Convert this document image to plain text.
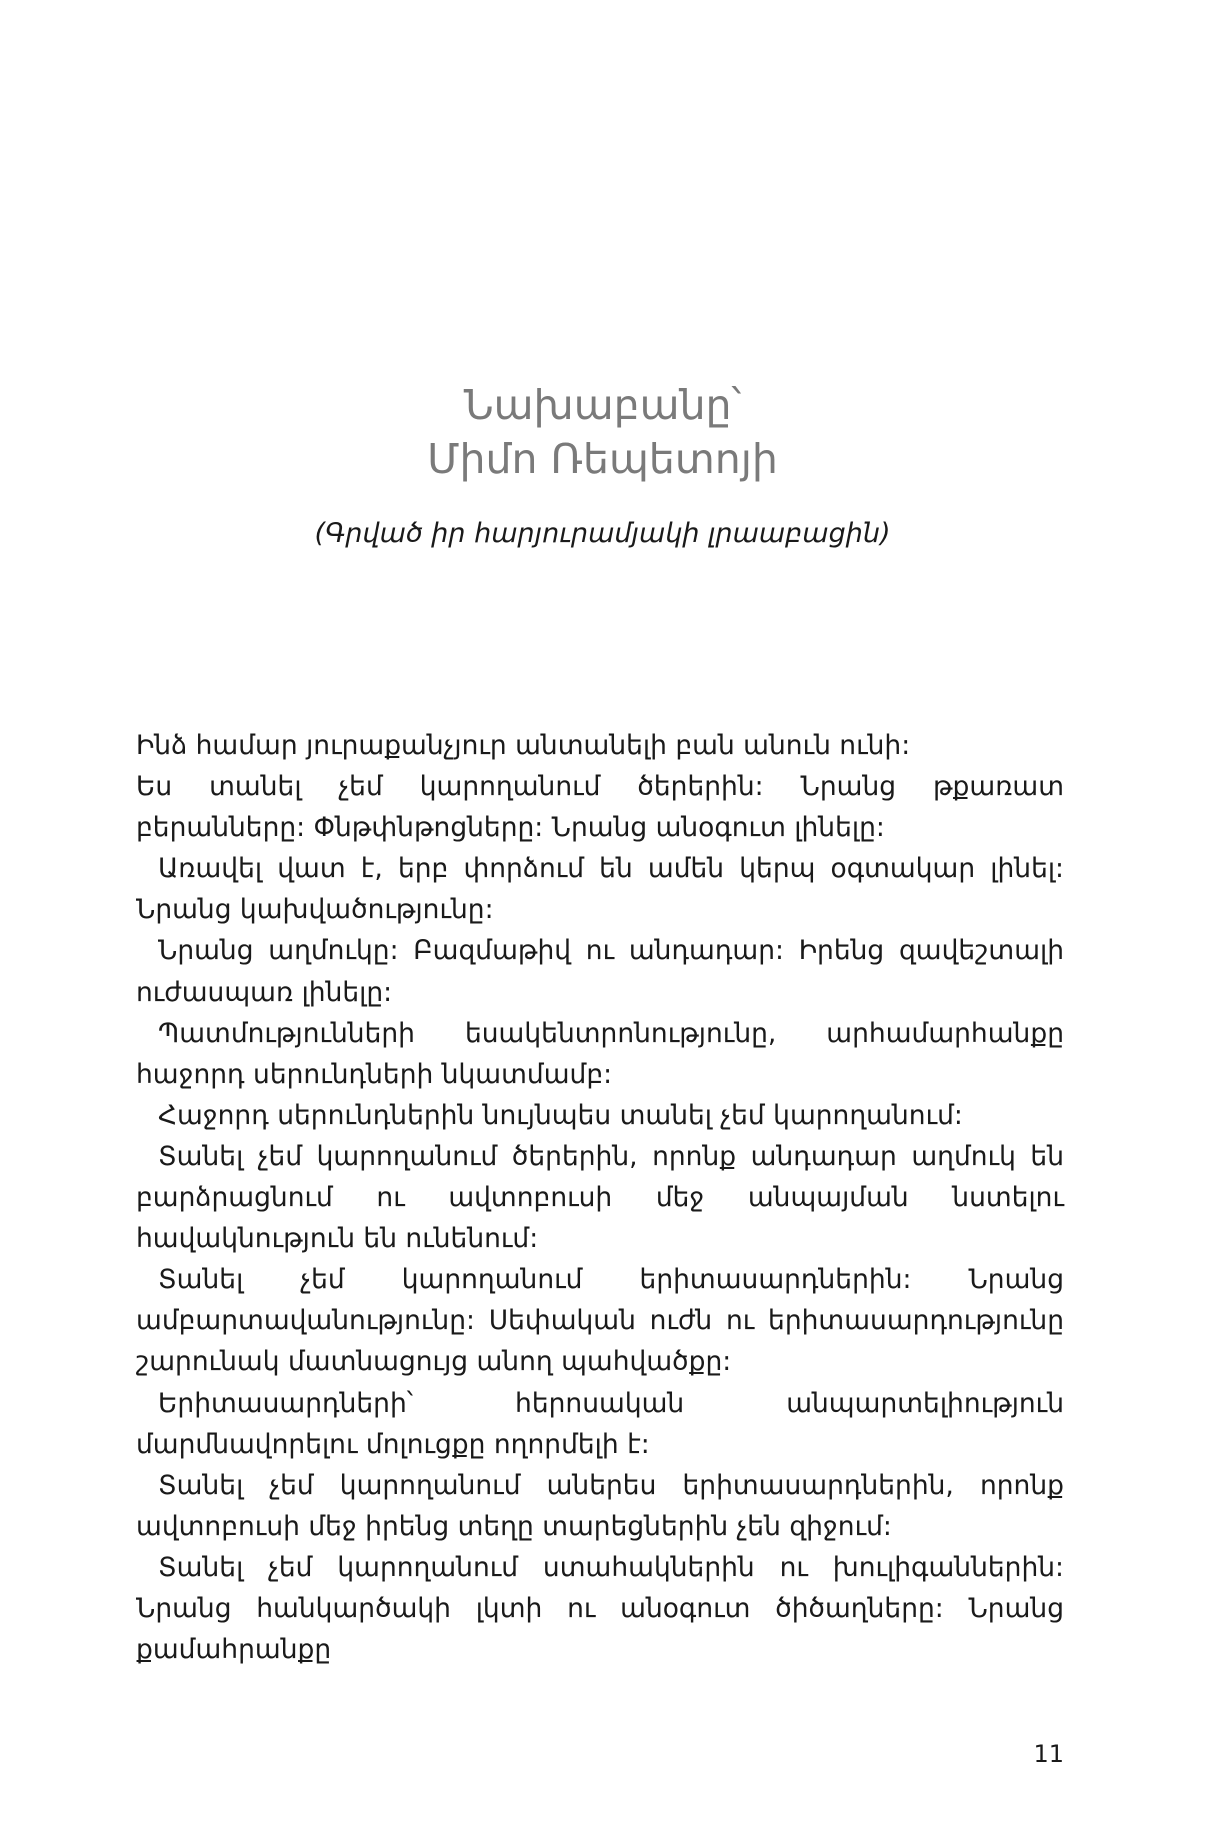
Նախաբանը՝
Միմո Ռեպետոյի
(Գրված իր հարյուրամյակի լրաաբացին)

Ինձ համար յուրաքանչյուր անտանելի բան անուն ունի:

Ես տանել չեմ կարողանում ծերերին: Նրանց թքառատ բերանները: Փնթփնթոցները: Նրանց անօգուտ լինելը:

Առավել վատ է, երբ փորձում են ամեն կերպ օգտակար լինել: Նրանց կախվածությունը:

Նրանց աղմուկը: Բազմաթիվ ու անդադար: Իրենց զավեշտալի ուժասպառ լինելը:

Պատմությունների եսակենտրոնությունը, արհամարհանքը հաջորդ սերունդների նկատմամբ:

Հաջորդ սերունդներին նույնպես տանել չեմ կարողանում:

Տանել չեմ կարողանում ծերերին, որոնք անդադար աղմուկ են բարձրացնում ու ավտոբուսի մեջ անպայման նստելու հավակնություն են ունենում:

Տանել չեմ կարողանում երիտասարդներին: Նրանց ամբարտավանությունը: Սեփական ուժն ու երիտասարդությունը շարունակ մատնացույց անող պահվածքը:

Երիտասարդների՝ հերոսական անպարտելիություն մարմնավորելու մոլուցքը ողորմելի է:

Տանել չեմ կարողանում աներես երիտասարդներին, որոնք ավտոբուսի մեջ իրենց տեղը տարեցներին չեն զիջում:

Տանել չեմ կարողանում ստահակներին ու խուլիգաններին: Նրանց հանկարծակի լկտի ու անօգուտ ծիծաղները: Նրանց քամահրանքը

11
